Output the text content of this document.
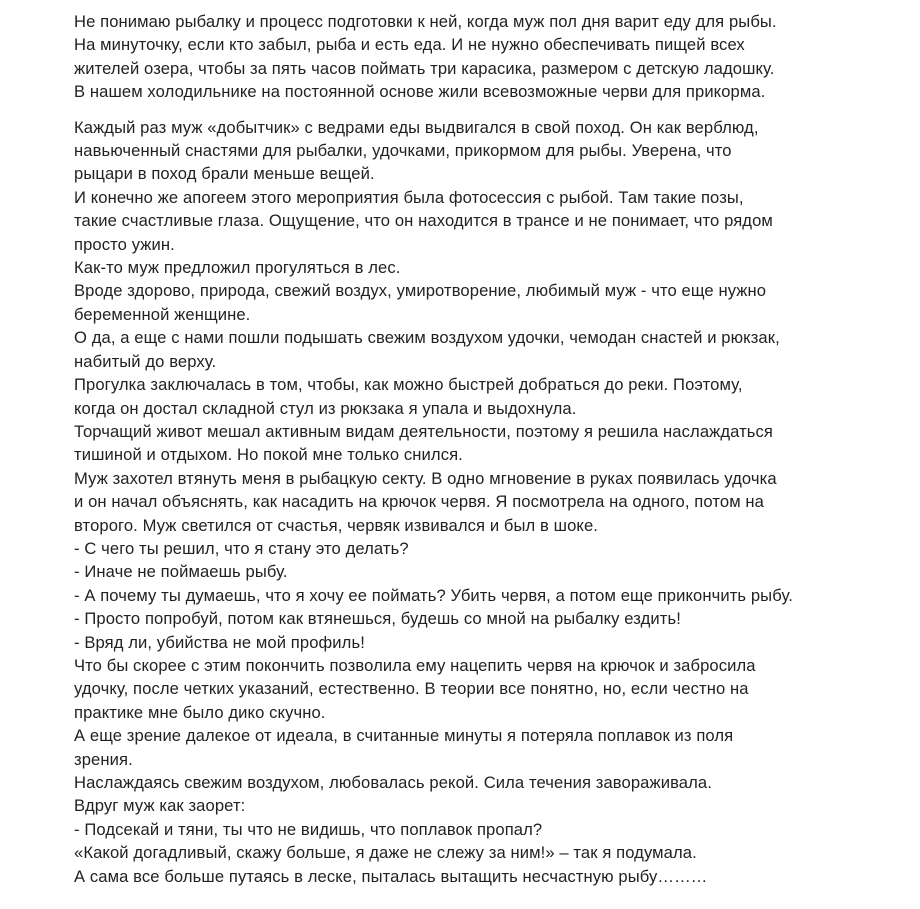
Не понимаю рыбалку и процесс подготовки к ней, когда муж пол дня варит еду для рыбы.
На минуточку, если кто забыл, рыба и есть еда. И не нужно обеспечивать пищей всех
жителей озера, чтобы за пять часов поймать три карасика, размером с детскую ладошку.
В нашем холодильнике на постоянной основе жили всевозможные черви для прикорма.

Каждый раз муж «добытчик» с ведрами еды выдвигался в свой поход. Он как верблюд,
навьюченный снастями для рыбалки, удочками, прикормом для рыбы. Уверена, что
рыцари в поход брали меньше вещей.
И конечно же апогеем этого мероприятия была фотосессия с рыбой. Там такие позы,
такие счастливые глаза. Ощущение, что он находится в трансе и не понимает, что рядом
просто ужин.
Как-то муж предложил прогуляться в лес.
Вроде здорово, природа, свежий воздух, умиротворение, любимый муж - что еще нужно
беременной женщине.
О да, а еще с нами пошли подышать свежим воздухом удочки, чемодан снастей и рюкзак,
набитый до верху.
Прогулка заключалась в том, чтобы, как можно быстрей добраться до реки. Поэтому,
когда он достал складной стул из рюкзака я упала и выдохнула.
Торчащий живот мешал активным видам деятельности, поэтому я решила наслаждаться
тишиной и отдыхом. Но покой мне только снился.
Муж захотел втянуть меня в рыбацкую секту. В одно мгновение в руках появилась удочка
и он начал объяснять, как насадить на крючок червя. Я посмотрела на одного, потом на
второго. Муж светился от счастья, червяк извивался и был в шоке.
- С чего ты решил, что я стану это делать?
- Иначе не поймаешь рыбу.
- А почему ты думаешь, что я хочу ее поймать? Убить червя, а потом еще прикончить рыбу.
- Просто попробуй, потом как втянешься, будешь со мной на рыбалку ездить!
- Вряд ли, убийства не мой профиль!
Что бы скорее с этим покончить позволила ему нацепить червя на крючок и забросила
удочку, после четких указаний, естественно. В теории все понятно, но, если честно на
практике мне было дико скучно.
А еще зрение далекое от идеала, в считанные минуты я потеряла поплавок из поля
зрения.
Наслаждаясь свежим воздухом, любовалась рекой. Сила течения завораживала.
Вдруг муж как заорет:
- Подсекай и тяни, ты что не видишь, что поплавок пропал?
«Какой догадливый, скажу больше, я даже не слежу за ним!» – так я подумала.
А сама все больше путаясь в леске, пыталась вытащить несчастную рыбу………
